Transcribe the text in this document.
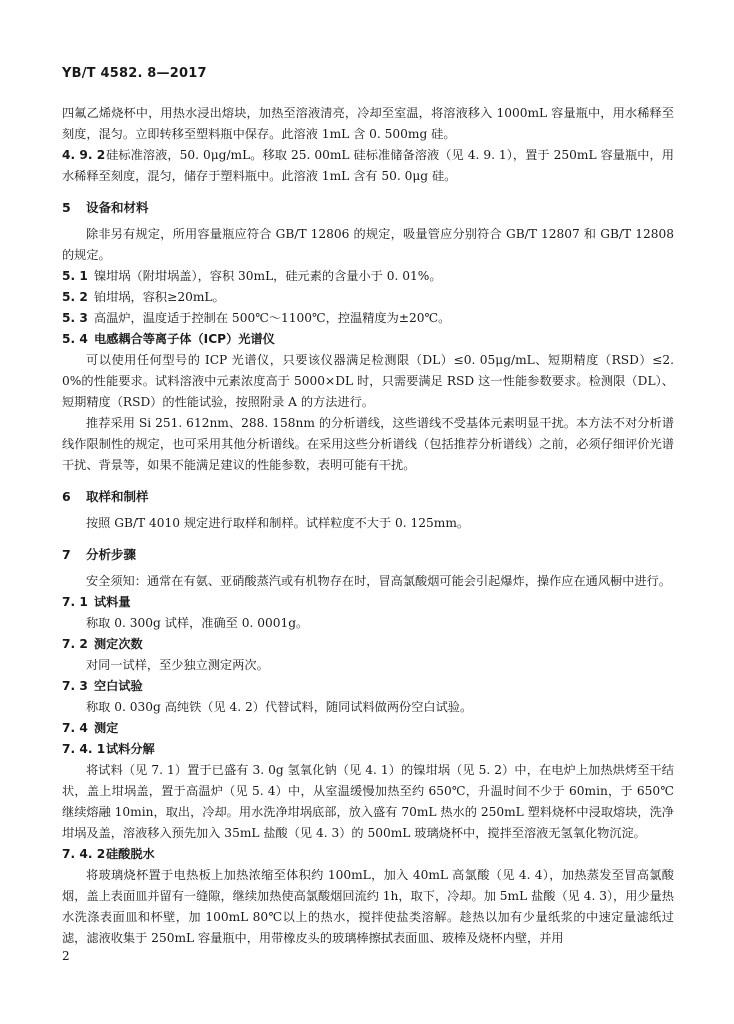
YB/T 4582. 8—2017

四氟乙烯烧杯中，用热水浸出熔块，加热至溶液清亮，冷却至室温，将溶液移入 1000mL 容量瓶中，用水稀释至刻度，混匀。立即转移至塑料瓶中保存。此溶液 1mL 含 0. 500mg 硅。

4. 9. 2硅标准溶液，50. 0μg/mL。移取 25. 00mL 硅标准储备溶液（见 4. 9. 1），置于 250mL 容量瓶中，用水稀释至刻度，混匀，储存于塑料瓶中。此溶液 1mL 含有 50. 0μg 硅。

5 设备和材料

除非另有规定，所用容量瓶应符合 GB/T 12806 的规定，吸量管应分别符合 GB/T 12807 和 GB/T 12808 的规定。

5. 1 镍坩埚（附坩埚盖），容积 30mL，硅元素的含量小于 0. 01%。

5. 2 铂坩埚，容积≥20mL。

5. 3 高温炉，温度适于控制在 500℃～1100℃，控温精度为±20℃。

5. 4 电感耦合等离子体（ICP）光谱仪

可以使用任何型号的 ICP 光谱仪，只要该仪器满足检测限（DL）≤0. 05μg/mL、短期精度（RSD）≤2. 0%的性能要求。试料溶液中元素浓度高于 5000×DL 时，只需要满足 RSD 这一性能参数要求。检测限（DL）、短期精度（RSD）的性能试验，按照附录 A 的方法进行。

推荐采用 Si 251. 612nm、288. 158nm 的分析谱线，这些谱线不受基体元素明显干扰。本方法不对分析谱线作限制性的规定，也可采用其他分析谱线。在采用这些分析谱线（包括推荐分析谱线）之前，必须仔细评价光谱干扰、背景等，如果不能满足建议的性能参数，表明可能有干扰。

6 取样和制样

按照 GB/T 4010 规定进行取样和制样。试样粒度不大于 0. 125mm。

7 分析步骤

安全须知：通常在有氨、亚硝酸蒸汽或有机物存在时，冒高氯酸烟可能会引起爆炸，操作应在通风橱中进行。

7. 1 试料量

称取 0. 300g 试样，准确至 0. 0001g。

7. 2 测定次数

对同一试样，至少独立测定两次。

7. 3 空白试验

称取 0. 030g 高纯铁（见 4. 2）代替试料，随同试料做两份空白试验。

7. 4 测定

7. 4. 1试料分解

将试料（见 7. 1）置于已盛有 3. 0g 氢氧化钠（见 4. 1）的镍坩埚（见 5. 2）中，在电炉上加热烘烤至干结状，盖上坩埚盖，置于高温炉（见 5. 4）中，从室温缓慢加热至约 650℃，升温时间不少于 60min，于 650℃继续熔融 10min，取出，冷却。用水洗净坩埚底部，放入盛有 70mL 热水的 250mL 塑料烧杯中浸取熔块，洗净坩埚及盖，溶液移入预先加入 35mL 盐酸（见 4. 3）的 500mL 玻璃烧杯中，搅拌至溶液无氢氧化物沉淀。

7. 4. 2硅酸脱水

将玻璃烧杯置于电热板上加热浓缩至体积约 100mL，加入 40mL 高氯酸（见 4. 4），加热蒸发至冒高氯酸烟，盖上表面皿并留有一缝隙，继续加热使高氯酸烟回流约 1h，取下，冷却。加 5mL 盐酸（见 4. 3），用少量热水洗涤表面皿和杯壁，加 100mL 80℃以上的热水，搅拌使盐类溶解。趁热以加有少量纸浆的中速定量滤纸过滤，滤液收集于 250mL 容量瓶中，用带橡皮头的玻璃棒擦拭表面皿、玻棒及烧杯内壁，并用

2
